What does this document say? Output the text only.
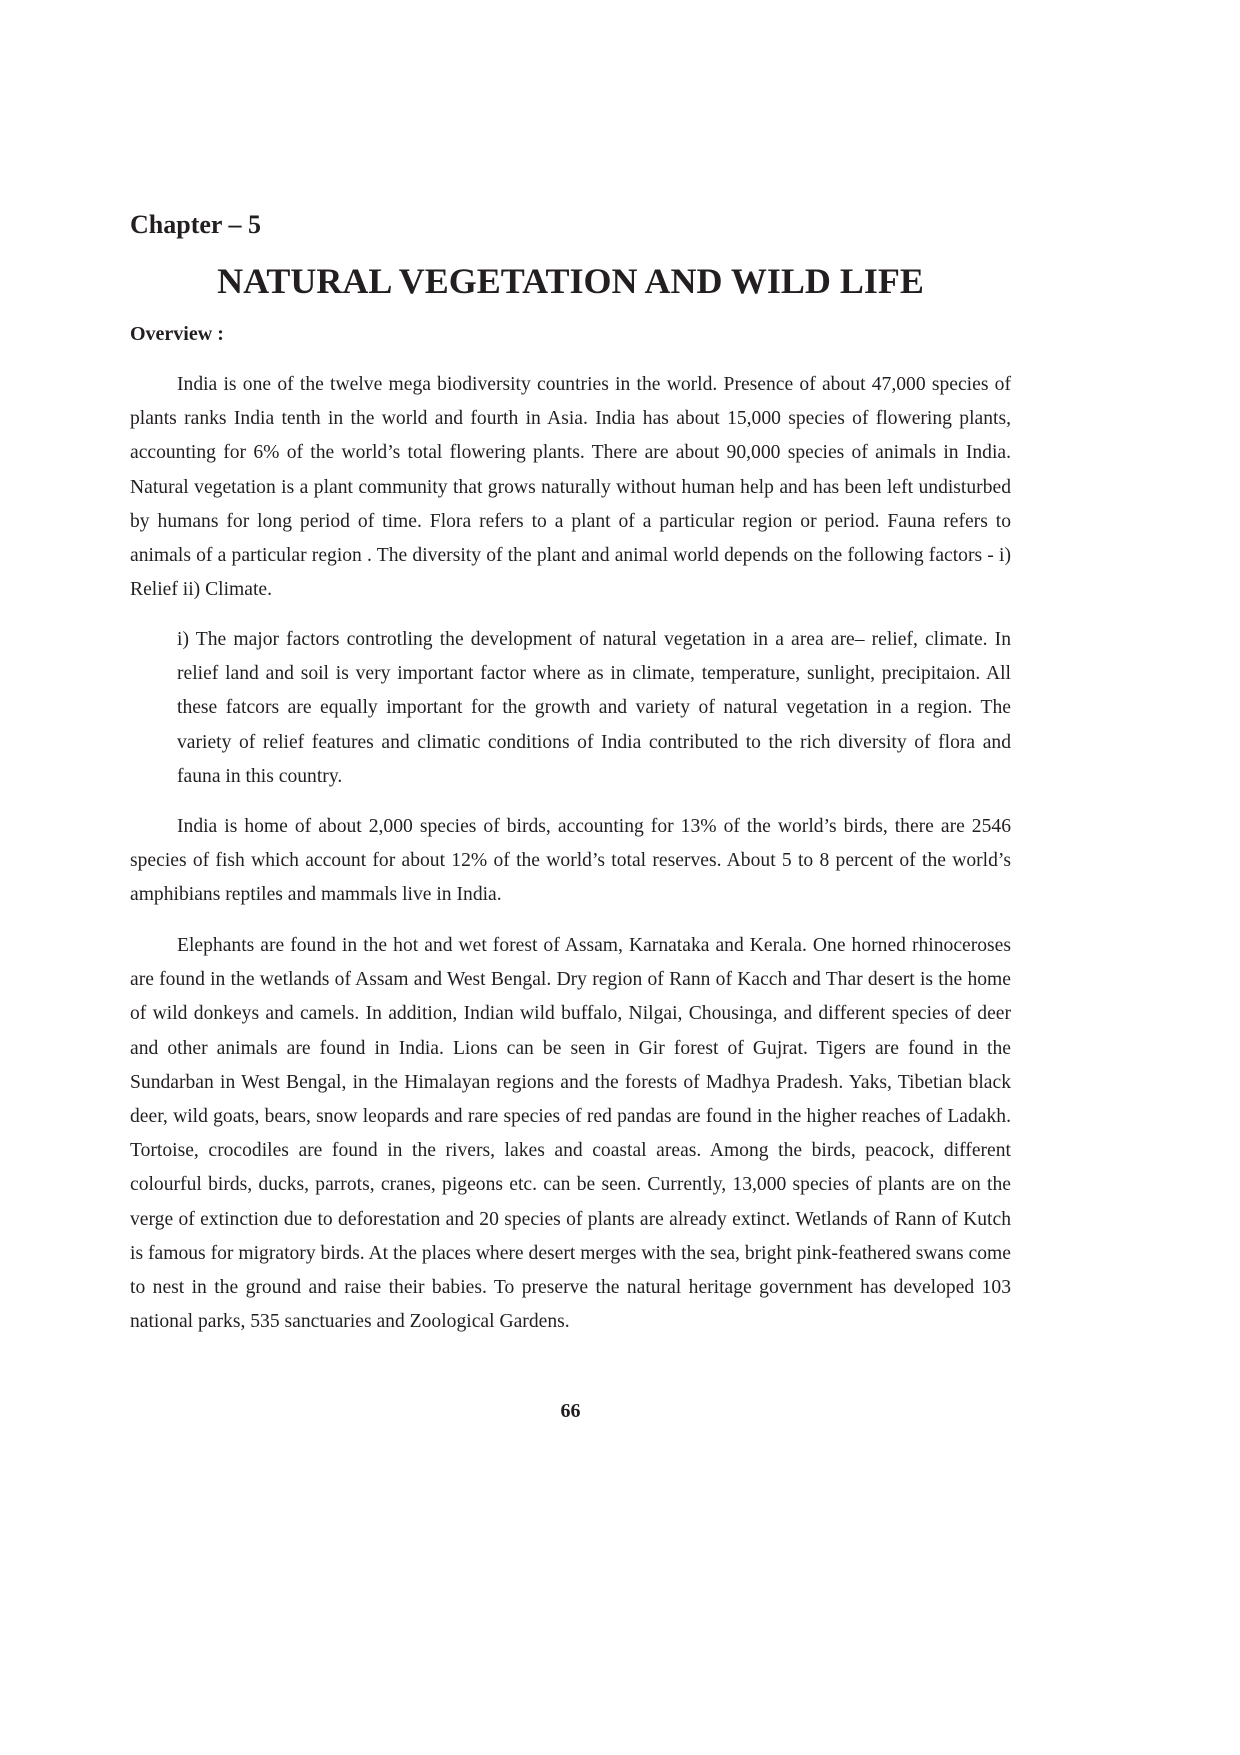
Chapter – 5
NATURAL VEGETATION AND WILD LIFE
Overview :

India is one of the twelve mega biodiversity countries in the world. Presence of about 47,000 species of plants ranks India tenth in the world and fourth in Asia. India has about 15,000 species of flowering plants, accounting for 6% of the world’s total flowering plants. There are about 90,000 species of animals in India. Natural vegetation is a plant community that grows naturally without human help and has been left undisturbed by humans for long period of time. Flora refers to a plant of a particular region or period. Fauna refers to animals of a particular region . The diversity of the plant and animal world depends on the following factors - i) Relief ii) Climate.

i) The major factors controtling the development of natural vegetation in a area are– relief, climate. In relief land and soil is very important factor where as in climate, temperature, sunlight, precipitaion. All these fatcors are equally important for the growth and variety of natural vegetation in a region. The variety of relief features and climatic conditions of India contributed to the rich diversity of flora and fauna in this country.

India is home of about 2,000 species of birds, accounting for 13% of the world’s birds, there are 2546 species of fish which account for about 12% of the world’s total reserves. About 5 to 8 percent of the world’s amphibians reptiles and mammals live in India.

Elephants are found in the hot and wet forest of Assam, Karnataka and Kerala. One horned rhinoceroses are found in the wetlands of Assam and West Bengal. Dry region of Rann of Kacch and Thar desert is the home of wild donkeys and camels. In addition, Indian wild buffalo, Nilgai, Chousinga, and different species of deer and other animals are found in India. Lions can be seen in Gir forest of Gujrat. Tigers are found in the Sundarban in West Bengal, in the Himalayan regions and the forests of Madhya Pradesh. Yaks, Tibetian black deer, wild goats, bears, snow leopards and rare species of red pandas are found in the higher reaches of Ladakh. Tortoise, crocodiles are found in the rivers, lakes and coastal areas. Among the birds, peacock, different colourful birds, ducks, parrots, cranes, pigeons etc. can be seen. Currently, 13,000 species of plants are on the verge of extinction due to deforestation and 20 species of plants are already extinct. Wetlands of Rann of Kutch is famous for migratory birds. At the places where desert merges with the sea, bright pink-feathered swans come to nest in the ground and raise their babies. To preserve the natural heritage government has developed 103 national parks, 535 sanctuaries and Zoological Gardens.

66
